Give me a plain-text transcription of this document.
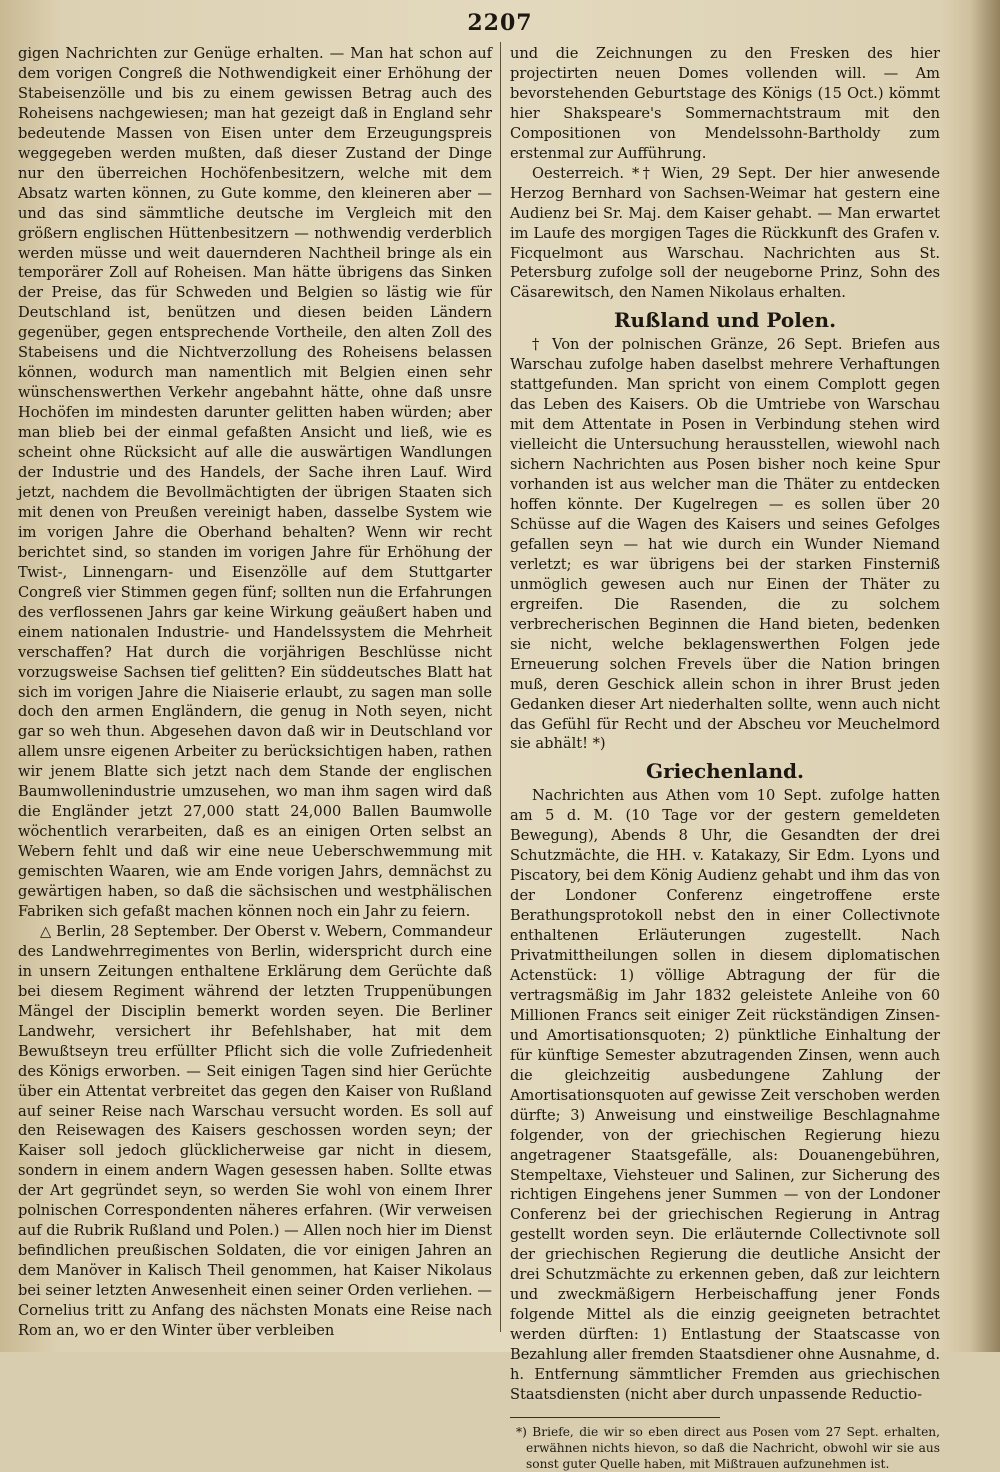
2207

gigen Nachrichten zur Genüge erhalten. — Man hat schon auf dem vorigen Congreß die Nothwendigkeit einer Erhöhung der Stabeisenzölle und bis zu einem gewissen Betrag auch des Roheisens nachgewiesen; man hat gezeigt daß in England sehr bedeutende Massen von Eisen unter dem Erzeugungspreis weggegeben werden mußten, daß dieser Zustand der Dinge nur den überreichen Hochöfenbesitzern, welche mit dem Absatz warten können, zu Gute komme, den kleineren aber — und das sind sämmtliche deutsche im Vergleich mit den größern englischen Hüttenbesitzern — nothwendig verderblich werden müsse und weit dauernderen Nachtheil bringe als ein temporärer Zoll auf Roheisen. Man hätte übrigens das Sinken der Preise, das für Schweden und Belgien so lästig wie für Deutschland ist, benützen und diesen beiden Ländern gegenüber, gegen entsprechende Vortheile, den alten Zoll des Stabeisens und die Nichtverzollung des Roheisens belassen können, wodurch man namentlich mit Belgien einen sehr wünschenswerthen Verkehr angebahnt hätte, ohne daß unsre Hochöfen im mindesten darunter gelitten haben würden; aber man blieb bei der einmal gefaßten Ansicht und ließ, wie es scheint ohne Rücksicht auf alle die auswärtigen Wandlungen der Industrie und des Handels, der Sache ihren Lauf. Wird jetzt, nachdem die Bevollmächtigten der übrigen Staaten sich mit denen von Preußen vereinigt haben, dasselbe System wie im vorigen Jahre die Oberhand behalten? Wenn wir recht berichtet sind, so standen im vorigen Jahre für Erhöhung der Twist-, Linnengarn- und Eisenzölle auf dem Stuttgarter Congreß vier Stimmen gegen fünf; sollten nun die Erfahrungen des verflossenen Jahrs gar keine Wirkung geäußert haben und einem nationalen Industrie- und Handelssystem die Mehrheit verschaffen? Hat durch die vorjährigen Beschlüsse nicht vorzugsweise Sachsen tief gelitten? Ein süddeutsches Blatt hat sich im vorigen Jahre die Niaiserie erlaubt, zu sagen man solle doch den armen Engländern, die genug in Noth seyen, nicht gar so weh thun. Abgesehen davon daß wir in Deutschland vor allem unsre eigenen Arbeiter zu berücksichtigen haben, rathen wir jenem Blatte sich jetzt nach dem Stande der englischen Baumwollenindustrie umzusehen, wo man ihm sagen wird daß die Engländer jetzt 27,000 statt 24,000 Ballen Baumwolle wöchentlich verarbeiten, daß es an einigen Orten selbst an Webern fehlt und daß wir eine neue Ueberschwemmung mit gemischten Waaren, wie am Ende vorigen Jahrs, demnächst zu gewärtigen haben, so daß die sächsischen und westphälischen Fabriken sich gefaßt machen können noch ein Jahr zu feiern.

△ Berlin, 28 September. Der Oberst v. Webern, Commandeur des Landwehrregimentes von Berlin, widerspricht durch eine in unsern Zeitungen enthaltene Erklärung dem Gerüchte daß bei diesem Regiment während der letzten Truppenübungen Mängel der Disciplin bemerkt worden seyen. Die Berliner Landwehr, versichert ihr Befehlshaber, hat mit dem Bewußtseyn treu erfüllter Pflicht sich die volle Zufriedenheit des Königs erworben. — Seit einigen Tagen sind hier Gerüchte über ein Attentat verbreitet das gegen den Kaiser von Rußland auf seiner Reise nach Warschau versucht worden. Es soll auf den Reisewagen des Kaisers geschossen worden seyn; der Kaiser soll jedoch glücklicherweise gar nicht in diesem, sondern in einem andern Wagen gesessen haben. Sollte etwas der Art gegründet seyn, so werden Sie wohl von einem Ihrer polnischen Correspondenten näheres erfahren. (Wir verweisen auf die Rubrik Rußland und Polen.) — Allen noch hier im Dienst befindlichen preußischen Soldaten, die vor einigen Jahren an dem Manöver in Kalisch Theil genommen, hat Kaiser Nikolaus bei seiner letzten Anwesenheit einen seiner Orden verliehen. — Cornelius tritt zu Anfang des nächsten Monats eine Reise nach Rom an, wo er den Winter über verbleiben

und die Zeichnungen zu den Fresken des hier projectirten neuen Domes vollenden will. — Am bevorstehenden Geburtstage des Königs (15 Oct.) kömmt hier Shakspeare's Sommernachtstraum mit den Compositionen von Mendelssohn-Bartholdy zum erstenmal zur Aufführung.

Oesterreich. *† Wien, 29 Sept. Der hier anwesende Herzog Bernhard von Sachsen-Weimar hat gestern eine Audienz bei Sr. Maj. dem Kaiser gehabt. — Man erwartet im Laufe des morgigen Tages die Rückkunft des Grafen v. Ficquelmont aus Warschau. Nachrichten aus St. Petersburg zufolge soll der neugeborne Prinz, Sohn des Cäsarewitsch, den Namen Nikolaus erhalten.

Rußland und Polen.

† Von der polnischen Gränze, 26 Sept. Briefen aus Warschau zufolge haben daselbst mehrere Verhaftungen stattgefunden. Man spricht von einem Complott gegen das Leben des Kaisers. Ob die Umtriebe von Warschau mit dem Attentate in Posen in Verbindung stehen wird vielleicht die Untersuchung herausstellen, wiewohl nach sichern Nachrichten aus Posen bisher noch keine Spur vorhanden ist aus welcher man die Thäter zu entdecken hoffen könnte. Der Kugelregen — es sollen über 20 Schüsse auf die Wagen des Kaisers und seines Gefolges gefallen seyn — hat wie durch ein Wunder Niemand verletzt; es war übrigens bei der starken Finsterniß unmöglich gewesen auch nur Einen der Thäter zu ergreifen. Die Rasenden, die zu solchem verbrecherischen Beginnen die Hand bieten, bedenken sie nicht, welche beklagenswerthen Folgen jede Erneuerung solchen Frevels über die Nation bringen muß, deren Geschick allein schon in ihrer Brust jeden Gedanken dieser Art niederhalten sollte, wenn auch nicht das Gefühl für Recht und der Abscheu vor Meuchelmord sie abhält! *)

Griechenland.

Nachrichten aus Athen vom 10 Sept. zufolge hatten am 5 d. M. (10 Tage vor der gestern gemeldeten Bewegung), Abends 8 Uhr, die Gesandten der drei Schutzmächte, die HH. v. Katakazy, Sir Edm. Lyons und Piscatory, bei dem König Audienz gehabt und ihm das von der Londoner Conferenz eingetroffene erste Berathungsprotokoll nebst den in einer Collectivnote enthaltenen Erläuterungen zugestellt. Nach Privatmittheilungen sollen in diesem diplomatischen Actenstück: 1) völlige Abtragung der für die vertragsmäßig im Jahr 1832 geleistete Anleihe von 60 Millionen Francs seit einiger Zeit rückständigen Zinsen- und Amortisationsquoten; 2) pünktliche Einhaltung der für künftige Semester abzutragenden Zinsen, wenn auch die gleichzeitig ausbedungene Zahlung der Amortisationsquoten auf gewisse Zeit verschoben werden dürfte; 3) Anweisung und einstweilige Beschlagnahme folgender, von der griechischen Regierung hiezu angetragener Staatsgefälle, als: Douanengebühren, Stempeltaxe, Viehsteuer und Salinen, zur Sicherung des richtigen Eingehens jener Summen — von der Londoner Conferenz bei der griechischen Regierung in Antrag gestellt worden seyn. Die erläuternde Collectivnote soll der griechischen Regierung die deutliche Ansicht der drei Schutzmächte zu erkennen geben, daß zur leichtern und zweckmäßigern Herbeischaffung jener Fonds folgende Mittel als die einzig geeigneten betrachtet werden dürften: 1) Entlastung der Staatscasse von Bezahlung aller fremden Staatsdiener ohne Ausnahme, d. h. Entfernung sämmtlicher Fremden aus griechischen Staatsdiensten (nicht aber durch unpassende Reductio-

*) Briefe, die wir so eben direct aus Posen vom 27 Sept. erhalten, erwähnen nichts hievon, so daß die Nachricht, obwohl wir sie aus sonst guter Quelle haben, mit Mißtrauen aufzunehmen ist.
